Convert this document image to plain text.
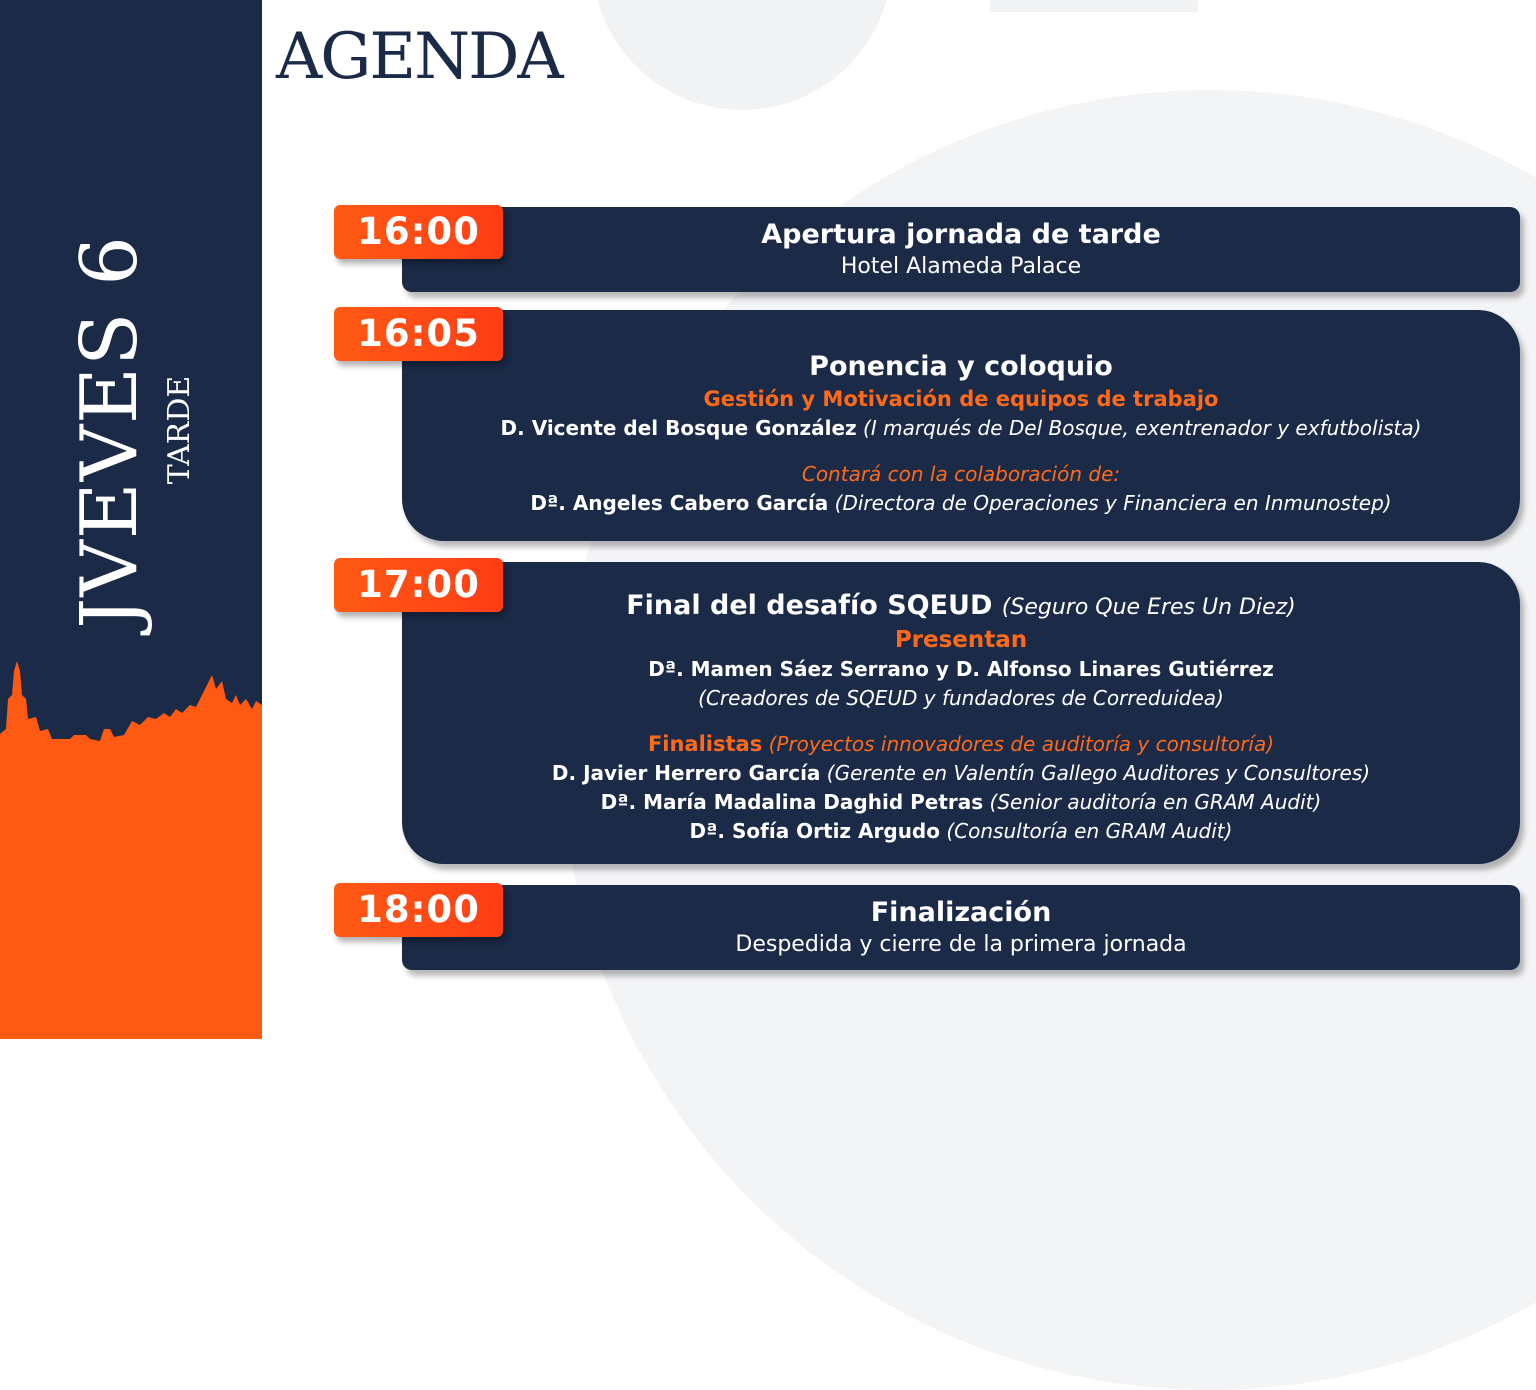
JVEVES 6 TARDE
AGENDA
Apertura jornada de tarde
Hotel Alameda Palace
16:00
Ponencia y coloquio
Gestión y Motivación de equipos de trabajo
D. Vicente del Bosque González (I marqués de Del Bosque, exentrenador y exfutbolista)
Contará con la colaboración de:
Dª. Angeles Cabero García (Directora de Operaciones y Financiera en Inmunostep)
16:05
Final del desafío SQEUD (Seguro Que Eres Un Diez)
Presentan
Dª. Mamen Sáez Serrano y D. Alfonso Linares Gutiérrez
(Creadores de SQEUD y fundadores de Correduidea)
Finalistas (Proyectos innovadores de auditoría y consultoría)
D. Javier Herrero García (Gerente en Valentín Gallego Auditores y Consultores)
Dª. María Madalina Daghid Petras (Senior auditoría en GRAM Audit)
Dª. Sofía Ortiz Argudo (Consultoría en GRAM Audit)
17:00
Finalización
Despedida y cierre de la primera jornada
18:00
